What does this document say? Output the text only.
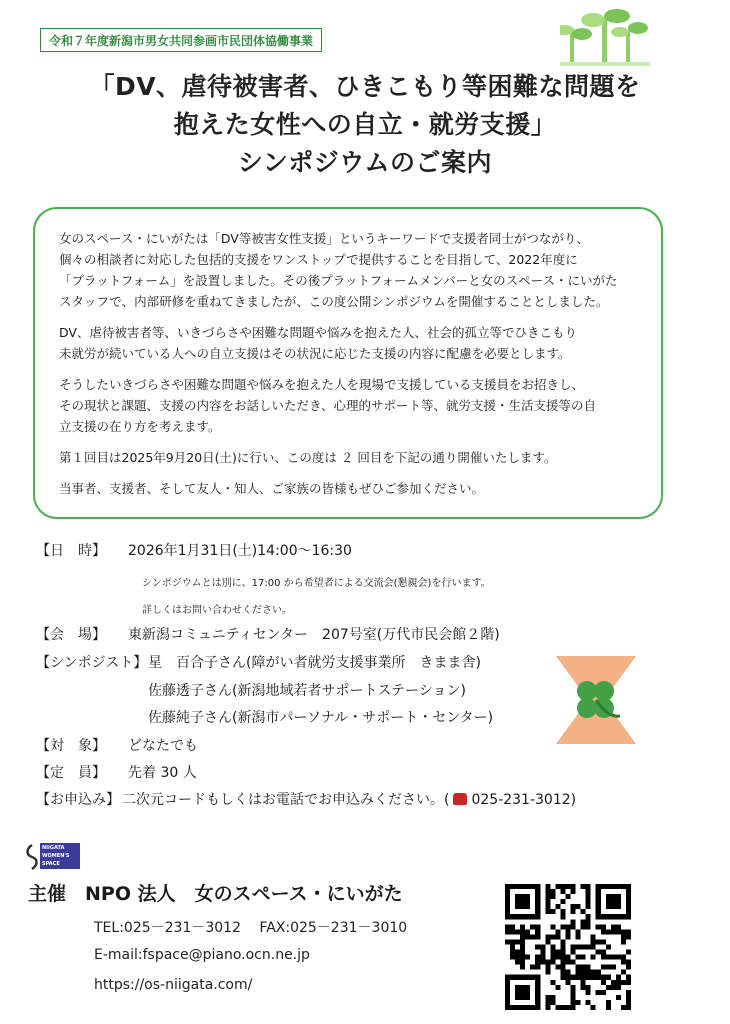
令和７年度新潟市男女共同参画市民団体協働事業
「DV、虐待被害者、ひきこもり等困難な問題を
抱えた女性への自立・就労支援」
シンポジウムのご案内

女のスペース・にいがたは「DV等被害女性支援」というキーワードで支援者同士がつながり、
個々の相談者に対応した包括的支援をワンストップで提供することを目指して、2022年度に
「プラットフォーム」を設置しました。その後プラットフォームメンバーと女のスペース・にいがた
スタッフで、内部研修を重ねてきましたが、この度公開シンポジウムを開催することとしました。

DV、虐待被害者等、いきづらさや困難な問題や悩みを抱えた人、社会的孤立等でひきこもり
未就労が続いている人への自立支援はその状況に応じた支援の内容に配慮を必要とします。

そうしたいきづらさや困難な問題や悩みを抱えた人を現場で支援している支援員をお招きし、
その現状と課題、支援の内容をお話しいただき、心理的サポート等、就労支援・生活支援等の自
立支援の在り方を考えます。

第１回目は2025年9月20日(土)に行い、この度は ２ 回目を下記の通り開催いたします。

当事者、支援者、そして友人・知人、ご家族の皆様もぜひご参加ください。

【日　時】 2026年1月31日(土)14:00～16:30
シンポジウムとは別に、17:00 から希望者による交流会(懇親会)を行います。
詳しくはお問い合わせください。
【会　場】 東新潟コミュニティセンター　207号室(万代市民会館２階)
【シンポジスト】 星　百合子さん(障がい者就労支援事業所　きまま舎)
佐藤透子さん(新潟地域若者サポートステーション)
佐藤純子さん(新潟市パーソナル・サポート・センター)
【対　象】 どなたでも
【定　員】 先着 30 人
【お申込み】 二次元コードもしくはお電話でお申込みください。( 025-231-3012)
NIIGATA WOMEN'S SPACE
主催　NPO 法人　女のスペース・にいがた
TEL:025－231－3012　 FAX:025－231－3010
E-mail:fspace@piano.ocn.ne.jp
https://os-niigata.com/
